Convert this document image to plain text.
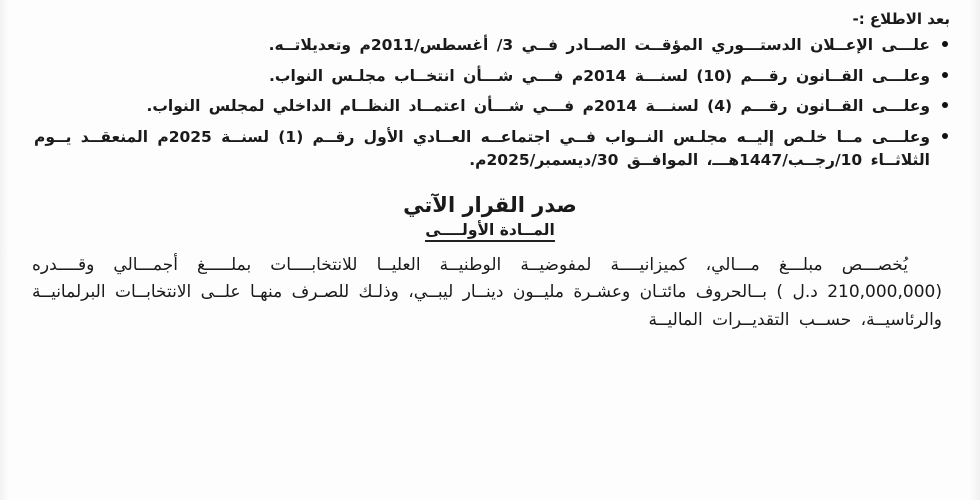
بعد الاطلاع :-
علـــى الإعــلان الدستـــوري المؤقــت الصــادر فــي 3/ أغسطس/2011م وتعديلاتــه.
وعلـــى القــانون رقـــم (10) لسنـــة 2014م فـــي شـــأن انتخــاب مجلـس النواب.
وعلـــى القــانون رقـــم (4) لسنـــة 2014م فـــي شـــأن اعتمــاد النظــام الداخلي لمجلس النواب.
وعلـــى مــا خلـص إليــه مجلـس النــواب فــي اجتماعــه العــادي الأول رقــم (1) لسنــة 2025م المنعقــد يــوم الثلاثــاء 10/رجــب/1447هـــ، الموافــق 30/ديسمبر/2025م.
صدر القرار الآتي
المــادة الأولــــى
يُخصـــص مبلـــغ مـــالي، كميزانيــــة لمفوضيــة الوطنيــة العليــا للانتخابــــات بملـــــغ أجمـــالي وقــــدره (210,000,000 د.ل ) بــالحروف مائتـان وعشـرة مليــون دينــار ليبــي، وذلـك للصـرف منهـا علــى الانتخابــات البرلمانيــة والرئاسيــة، حســب التقديــرات الماليــة
